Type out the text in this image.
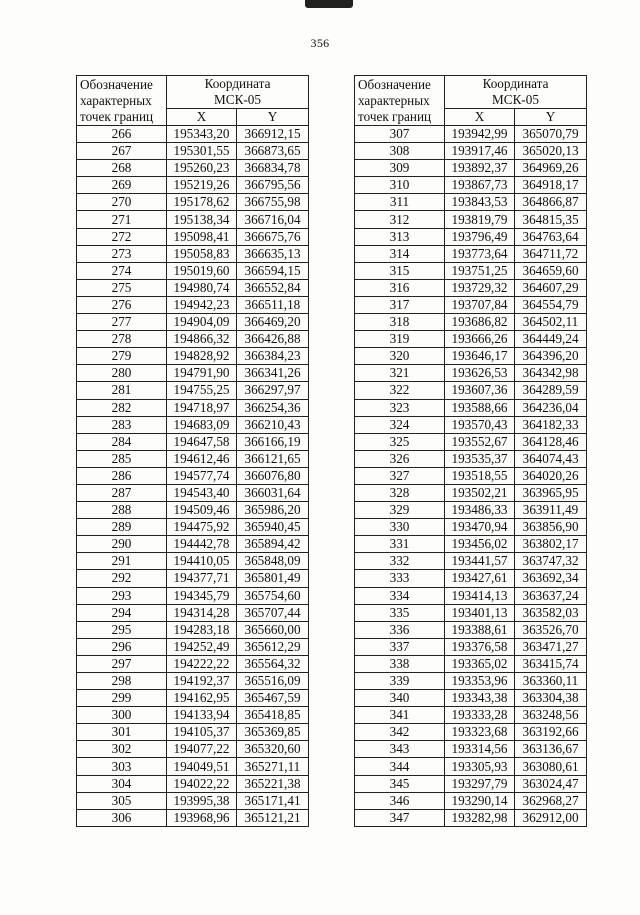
356
Обозначение
характерных
точек границ	Координата
МСК-05	

	X	Y
266	195343,20	366912,15
267	195301,55	366873,65
268	195260,23	366834,78
269	195219,26	366795,56
270	195178,62	366755,98
271	195138,34	366716,04
272	195098,41	366675,76
273	195058,83	366635,13
274	195019,60	366594,15
275	194980,74	366552,84
276	194942,23	366511,18
277	194904,09	366469,20
278	194866,32	366426,88
279	194828,92	366384,23
280	194791,90	366341,26
281	194755,25	366297,97
282	194718,97	366254,36
283	194683,09	366210,43
284	194647,58	366166,19
285	194612,46	366121,65
286	194577,74	366076,80
287	194543,40	366031,64
288	194509,46	365986,20
289	194475,92	365940,45
290	194442,78	365894,42
291	194410,05	365848,09
292	194377,71	365801,49
293	194345,79	365754,60
294	194314,28	365707,44
295	194283,18	365660,00
296	194252,49	365612,29
297	194222,22	365564,32
298	194192,37	365516,09
299	194162,95	365467,59
300	194133,94	365418,85
301	194105,37	365369,85
302	194077,22	365320,60
303	194049,51	365271,11
304	194022,22	365221,38
305	193995,38	365171,41
306	193968,96	365121,21
Обозначение
характерных
точек границ	Координата
МСК-05	

	X	Y
307	193942,99	365070,79
308	193917,46	365020,13
309	193892,37	364969,26
310	193867,73	364918,17
311	193843,53	364866,87
312	193819,79	364815,35
313	193796,49	364763,64
314	193773,64	364711,72
315	193751,25	364659,60
316	193729,32	364607,29
317	193707,84	364554,79
318	193686,82	364502,11
319	193666,26	364449,24
320	193646,17	364396,20
321	193626,53	364342,98
322	193607,36	364289,59
323	193588,66	364236,04
324	193570,43	364182,33
325	193552,67	364128,46
326	193535,37	364074,43
327	193518,55	364020,26
328	193502,21	363965,95
329	193486,33	363911,49
330	193470,94	363856,90
331	193456,02	363802,17
332	193441,57	363747,32
333	193427,61	363692,34
334	193414,13	363637,24
335	193401,13	363582,03
336	193388,61	363526,70
337	193376,58	363471,27
338	193365,02	363415,74
339	193353,96	363360,11
340	193343,38	363304,38
341	193333,28	363248,56
342	193323,68	363192,66
343	193314,56	363136,67
344	193305,93	363080,61
345	193297,79	363024,47
346	193290,14	362968,27
347	193282,98	362912,00
